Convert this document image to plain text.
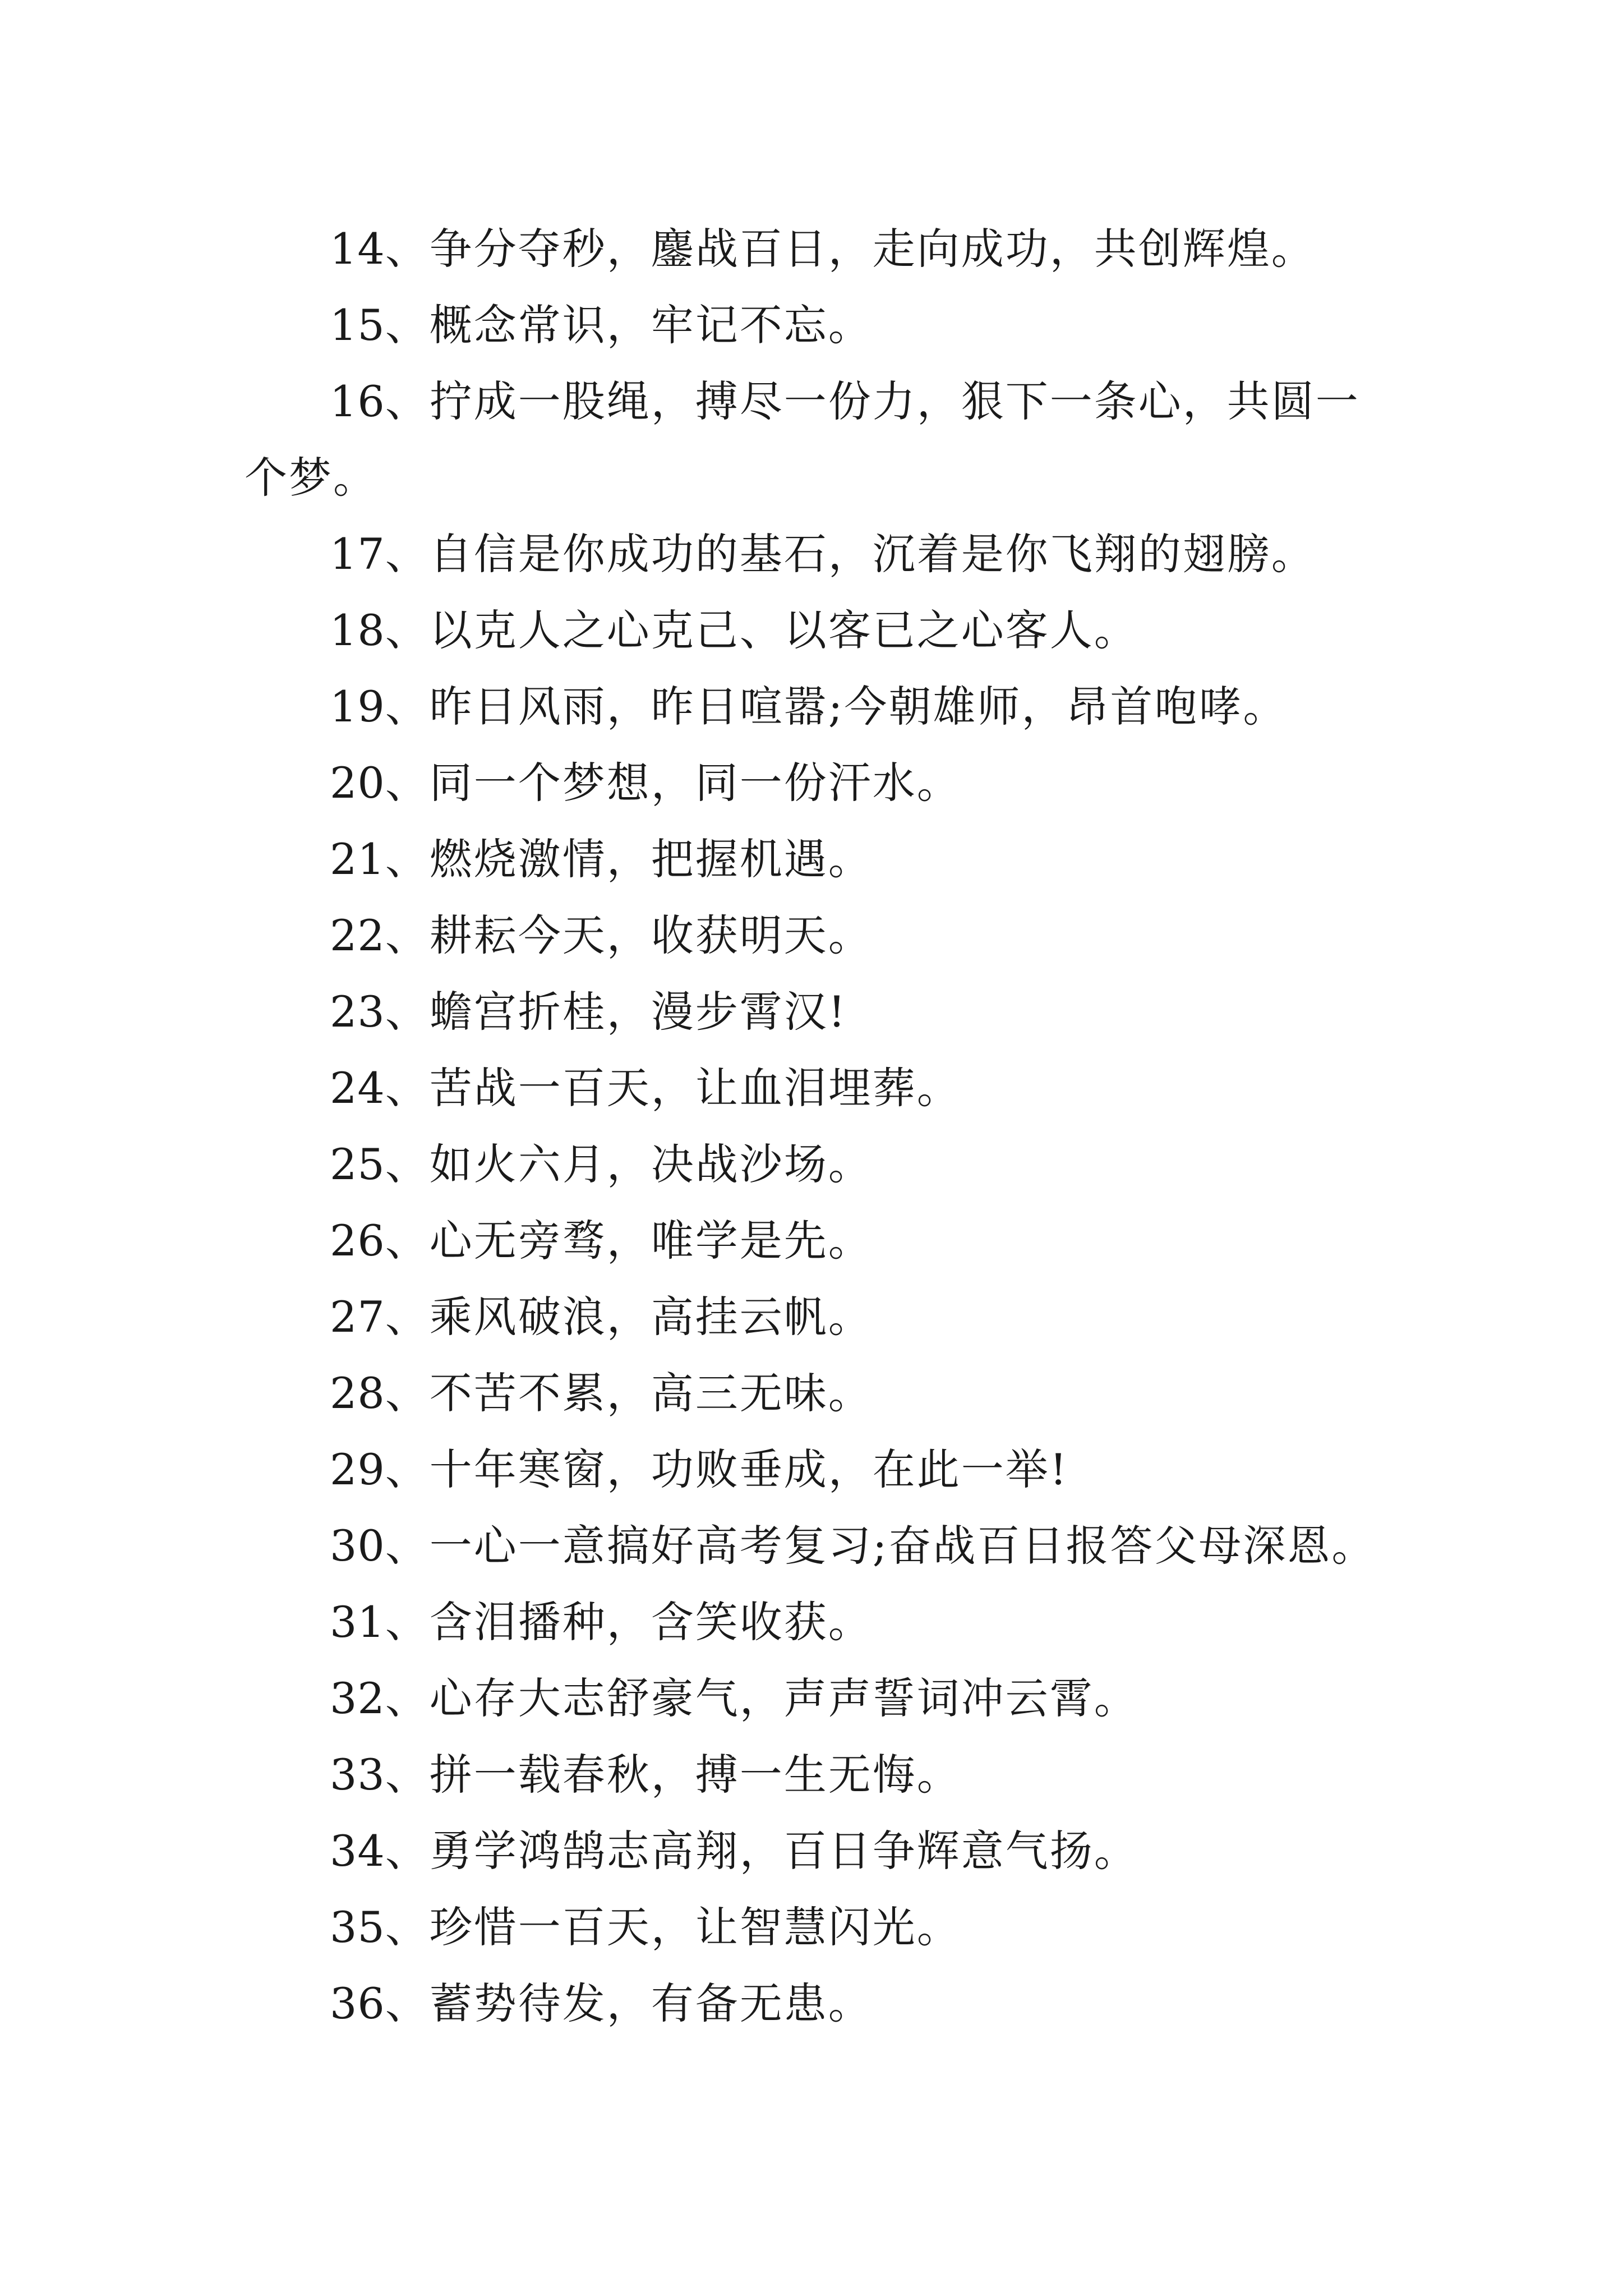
14、争分夺秒，鏖战百日，走向成功，共创辉煌。

15、概念常识，牢记不忘。

16、拧成一股绳，搏尽一份力，狠下一条心，共圆一个梦。

17、自信是你成功的基石，沉着是你飞翔的翅膀。

18、以克人之心克己、以客已之心客人。

19、昨日风雨，昨日喧嚣;今朝雄师，昂首咆哮。

20、同一个梦想，同一份汗水。

21、燃烧激情，把握机遇。

22、耕耘今天，收获明天。

23、蟾宫折桂，漫步霄汉!

24、苦战一百天，让血泪埋葬。

25、如火六月，决战沙场。

26、心无旁骛，唯学是先。

27、乘风破浪，高挂云帆。

28、不苦不累，高三无味。

29、十年寒窗，功败垂成，在此一举!

30、一心一意搞好高考复习;奋战百日报答父母深恩。

31、含泪播种，含笑收获。

32、心存大志舒豪气，声声誓词冲云霄。

33、拼一载春秋，搏一生无悔。

34、勇学鸿鹄志高翔，百日争辉意气扬。

35、珍惜一百天，让智慧闪光。

36、蓄势待发，有备无患。
